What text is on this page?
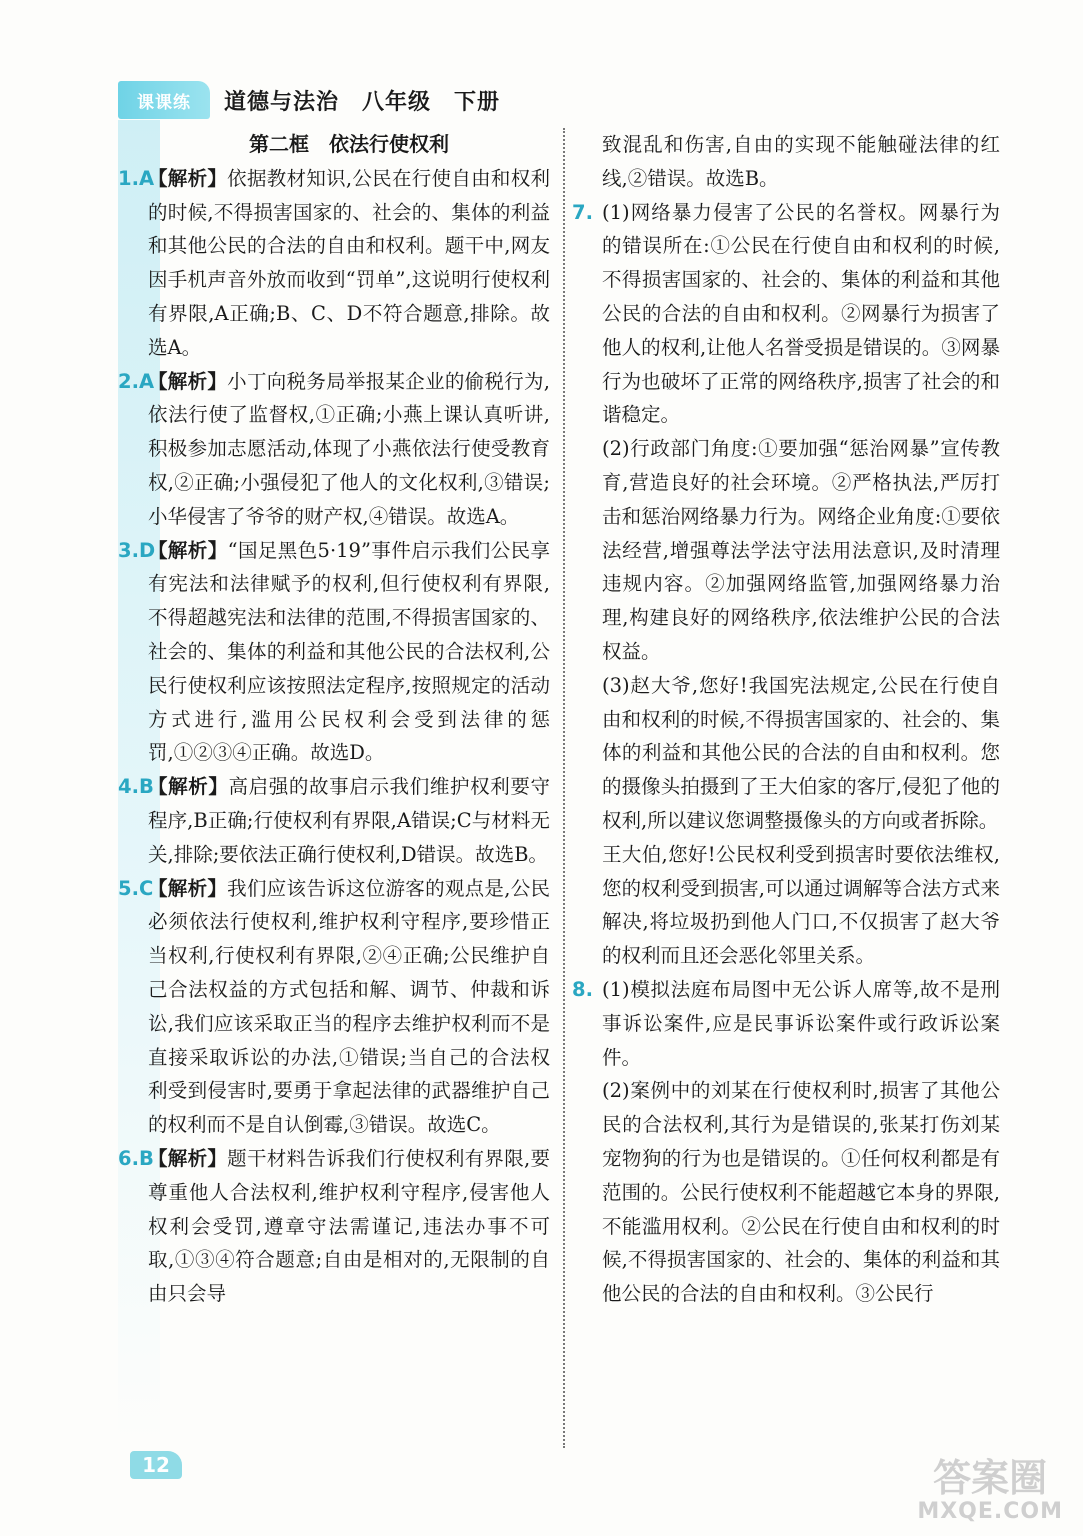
课课练	道德与法治　八年级　下册
第二框　依法行使权利
1.A
【解析】依据教材知识,公民在行使自由和权利的时候,不得损害国家的、社会的、集体的利益和其他公民的合法的自由和权利。题干中,网友因手机声音外放而收到“罚单”,这说明行使权利有界限,A正确;B、C、D不符合题意,排除。故选A。
2.A
【解析】小丁向税务局举报某企业的偷税行为,依法行使了监督权,①正确;小燕上课认真听讲,积极参加志愿活动,体现了小燕依法行使受教育权,②正确;小强侵犯了他人的文化权利,③错误;小华侵害了爷爷的财产权,④错误。故选A。
3.D
【解析】“国足黑色5·19”事件启示我们公民享有宪法和法律赋予的权利,但行使权利有界限,不得超越宪法和法律的范围,不得损害国家的、社会的、集体的利益和其他公民的合法权利,公民行使权利应该按照法定程序,按照规定的活动方式进行,滥用公民权利会受到法律的惩罚,①②③④正确。故选D。
4.B
【解析】高启强的故事启示我们维护权利要守程序,B正确;行使权利有界限,A错误;C与材料无关,排除;要依法正确行使权利,D错误。故选B。
5.C
【解析】我们应该告诉这位游客的观点是,公民必须依法行使权利,维护权利守程序,要珍惜正当权利,行使权利有界限,②④正确;公民维护自己合法权益的方式包括和解、调节、仲裁和诉讼,我们应该采取正当的程序去维护权利而不是直接采取诉讼的办法,①错误;当自己的合法权利受到侵害时,要勇于拿起法律的武器维护自己的权利而不是自认倒霉,③错误。故选C。
6.B
【解析】题干材料告诉我们行使权利有界限,要尊重他人合法权利,维护权利守程序,侵害他人权利会受罚,遵章守法需谨记,违法办事不可取,①③④符合题意;自由是相对的,无限制的自由只会导
致混乱和伤害,自由的实现不能触碰法律的红线,②错误。故选B。
7. (1)网络暴力侵害了公民的名誉权。网暴行为的错误所在:①公民在行使自由和权利的时候,不得损害国家的、社会的、集体的利益和其他公民的合法的自由和权利。②网暴行为损害了他人的权利,让他人名誉受损是错误的。③网暴行为也破坏了正常的网络秩序,损害了社会的和谐稳定。
(2)行政部门角度:①要加强“惩治网暴”宣传教育,营造良好的社会环境。②严格执法,严厉打击和惩治网络暴力行为。网络企业角度:①要依法经营,增强尊法学法守法用法意识,及时清理违规内容。②加强网络监管,加强网络暴力治理,构建良好的网络秩序,依法维护公民的合法权益。
(3)赵大爷,您好!我国宪法规定,公民在行使自由和权利的时候,不得损害国家的、社会的、集体的利益和其他公民的合法的自由和权利。您的摄像头拍摄到了王大伯家的客厅,侵犯了他的权利,所以建议您调整摄像头的方向或者拆除。
王大伯,您好!公民权利受到损害时要依法维权,您的权利受到损害,可以通过调解等合法方式来解决,将垃圾扔到他人门口,不仅损害了赵大爷的权利而且还会恶化邻里关系。
8. (1)模拟法庭布局图中无公诉人席等,故不是刑事诉讼案件,应是民事诉讼案件或行政诉讼案件。
(2)案例中的刘某在行使权利时,损害了其他公民的合法权利,其行为是错误的,张某打伤刘某宠物狗的行为也是错误的。①任何权利都是有范围的。公民行使权利不能超越它本身的界限,不能滥用权利。②公民在行使自由和权利的时候,不得损害国家的、社会的、集体的利益和其他公民的合法的自由和权利。③公民行
12	答案圈
MXQE.COM
